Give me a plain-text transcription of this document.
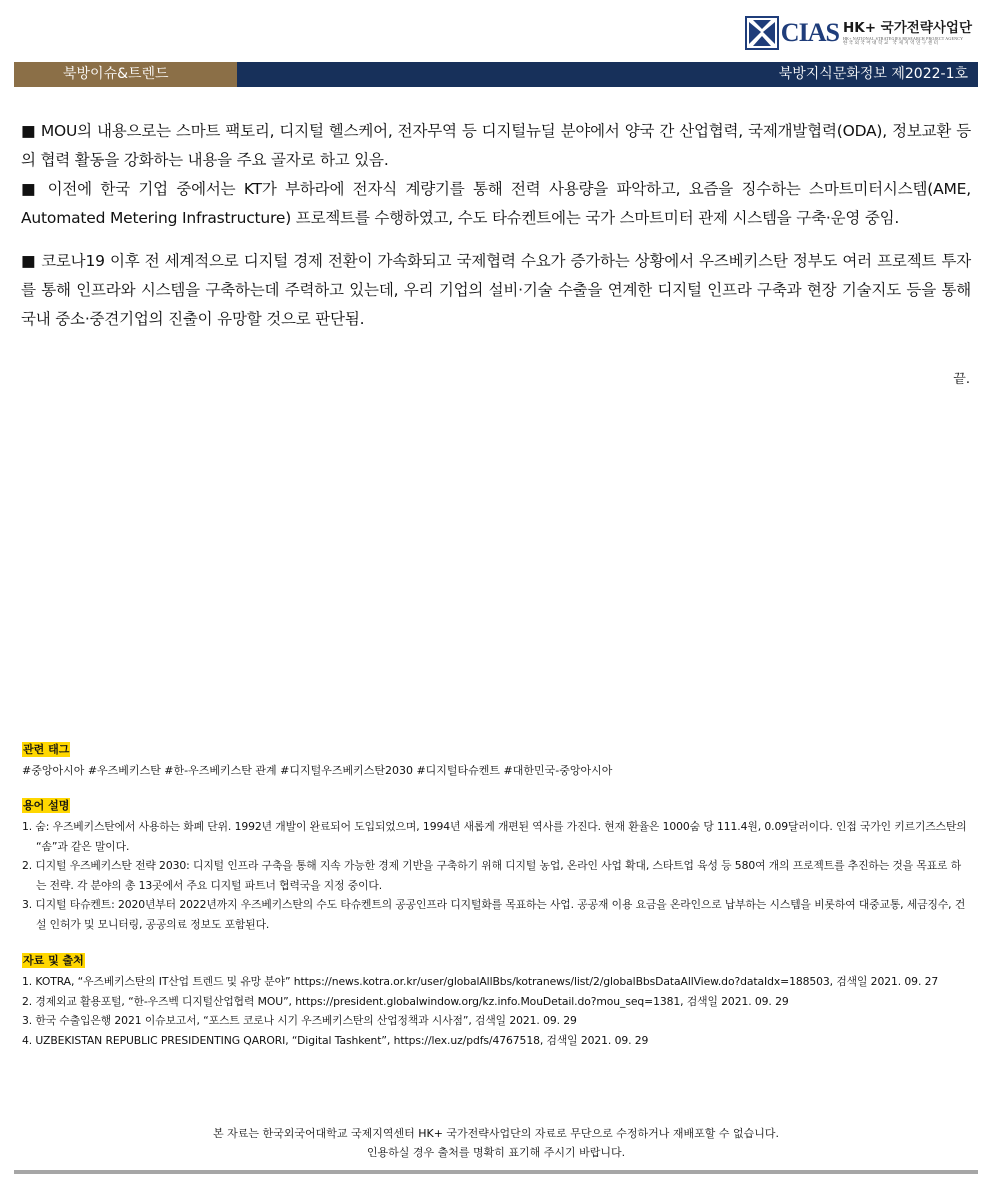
CIAS HK+ 국가전략사업단
HK+ NATIONAL STRATEGIES RESEARCH PROJECT AGENCY
한국외국어대학교 국제지역연구센터
북방이슈&트렌드	북방지식문화정보 제2022-1호

■ MOU의 내용으로는 스마트 팩토리, 디지털 헬스케어, 전자무역 등 디지털뉴딜 분야에서 양국 간 산업협력, 국제개발협력(ODA), 정보교환 등의 협력 활동을 강화하는 내용을 주요 골자로 하고 있음.

■ 이전에 한국 기업 중에서는 KT가 부하라에 전자식 계량기를 통해 전력 사용량을 파악하고, 요즘을 징수하는 스마트미터시스템(AME, Automated Metering Infrastructure) 프로젝트를 수행하였고, 수도 타슈켄트에는 국가 스마트미터 관제 시스템을 구축·운영 중임.

■ 코로나19 이후 전 세계적으로 디지털 경제 전환이 가속화되고 국제협력 수요가 증가하는 상황에서 우즈베키스탄 정부도 여러 프로젝트 투자를 통해 인프라와 시스템을 구축하는데 주력하고 있는데, 우리 기업의 설비·기술 수출을 연계한 디지털 인프라 구축과 현장 기술지도 등을 통해 국내 중소·중견기업의 진출이 유망할 것으로 판단됨.

끝.
관련 태그
#중앙아시아 #우즈베키스탄 #한-우즈베키스탄 관계 #디지털우즈베키스탄2030 #디지털타슈켄트 #대한민국-중앙아시아
용어 설명
1. 숨: 우즈베키스탄에서 사용하는 화폐 단위. 1992년 개발이 완료되어 도입되었으며, 1994년 새롭게 개편된 역사를 가진다. 현재 환율은 1000숨 당 111.4원, 0.09달러이다. 인접 국가인 키르기즈스탄의 “솜”과 같은 말이다.
2. 디지털 우즈베키스탄 전략 2030: 디지털 인프라 구축을 통해 지속 가능한 경제 기반을 구축하기 위해 디지털 농업, 온라인 사업 확대, 스타트업 육성 등 580여 개의 프로젝트를 추진하는 것을 목표로 하는 전략. 각 분야의 총 13곳에서 주요 디지털 파트너 협력국을 지정 중이다.
3. 디지털 타슈켄트: 2020년부터 2022년까지 우즈베키스탄의 수도 타슈켄트의 공공인프라 디지털화를 목표하는 사업. 공공재 이용 요금을 온라인으로 납부하는 시스템을 비롯하여 대중교통, 세금징수, 건설 인허가 및 모니터링, 공공의료 정보도 포함된다.
자료 및 출처
1. KOTRA, “우즈베키스탄의 IT산업 트렌드 및 유망 분야” https://news.kotra.or.kr/user/globalAllBbs/kotranews/list/2/globalBbsDataAllView.do?dataIdx=188503, 검색일 2021. 09. 27
2. 경제외교 활용포털, “한-우즈벡 디지털산업협력 MOU”, https://president.globalwindow.org/kz.info.MouDetail.do?mou_seq=1381, 검색일 2021. 09. 29
3. 한국 수출입은행 2021 이슈보고서, “포스트 코로나 시기 우즈베키스탄의 산업정책과 시사점”, 검색일 2021. 09. 29
4. UZBEKISTAN REPUBLIC PRESIDENTING QARORI, “Digital Tashkent”, https://lex.uz/pdfs/4767518, 검색일 2021. 09. 29
본 자료는 한국외국어대학교 국제지역센터 HK+ 국가전략사업단의 자료로 무단으로 수정하거나 재배포할 수 없습니다.
인용하실 경우 출처를 명확히 표기해 주시기 바랍니다.
